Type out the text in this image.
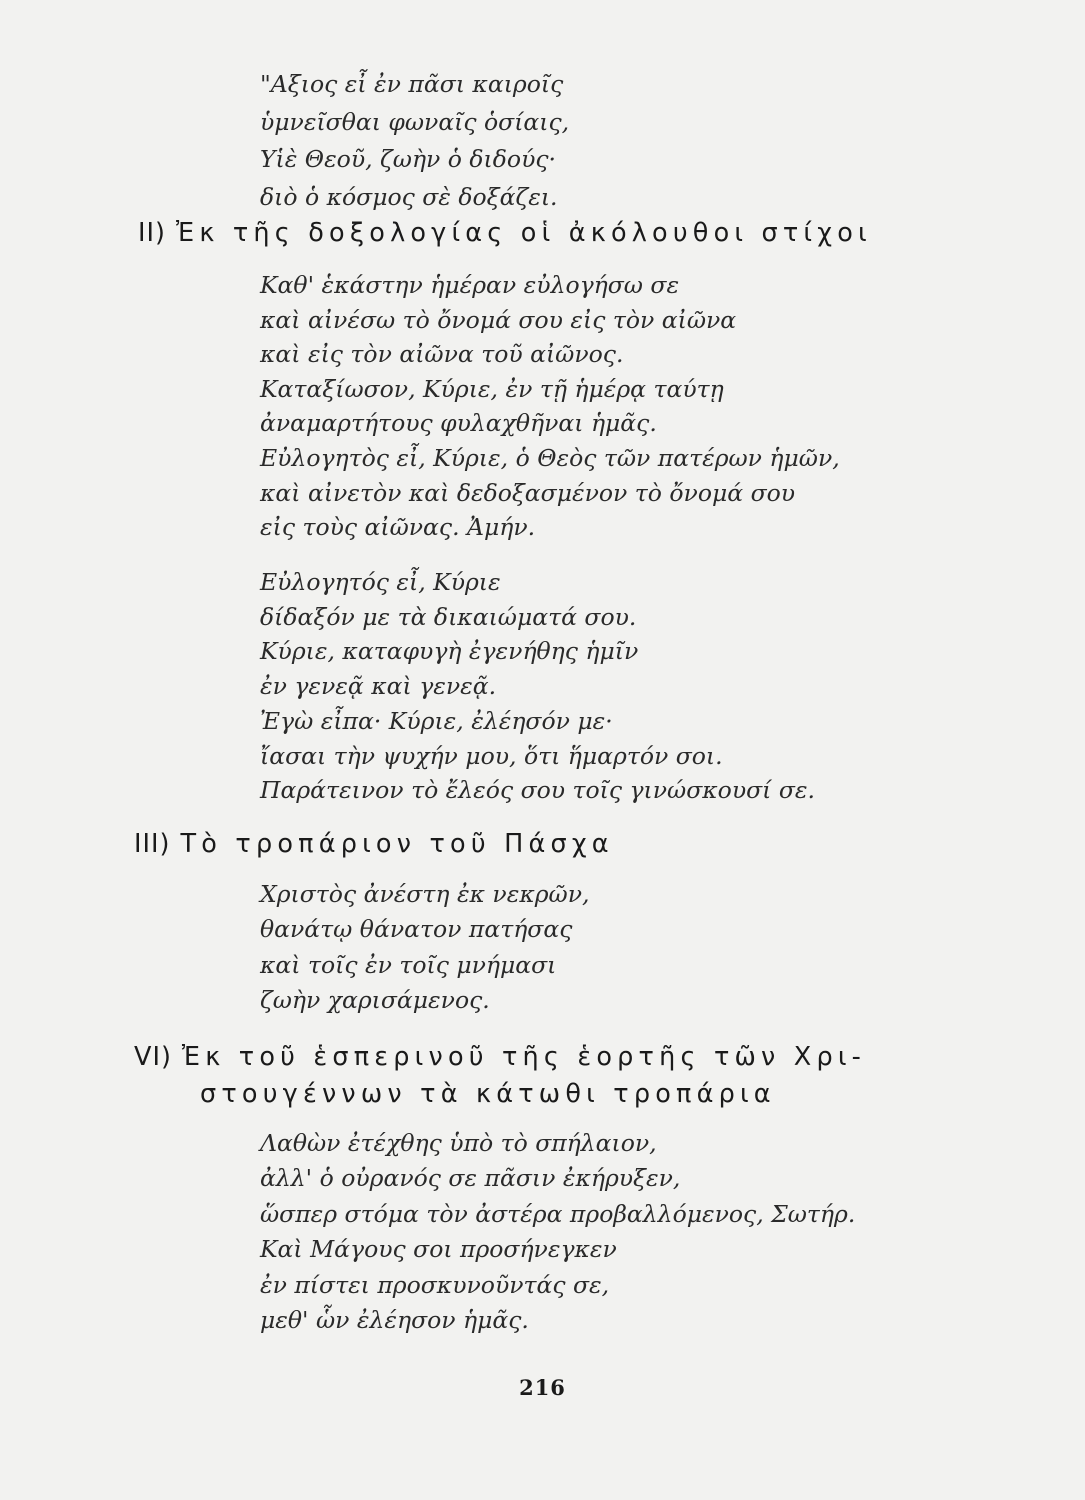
"Αξιος εἶ ἐν πᾶσι καιροῖς
ὑμνεῖσθαι φωναῖς ὁσίαις,
Υἱὲ Θεοῦ, ζωὴν ὁ διδούς·
διὸ ὁ κόσμος σὲ δοξάζει.
II) Ἐκ τῆς δοξολογίας οἱ ἀκόλουθοι στίχοι
Καθ' ἑκάστην ἡμέραν εὐλογήσω σε
καὶ αἰνέσω τὸ ὄνομά σου εἰς τὸν αἰῶνα
καὶ εἰς τὸν αἰῶνα τοῦ αἰῶνος.
Καταξίωσον, Κύριε, ἐν τῇ ἡμέρᾳ ταύτῃ
ἀναμαρτήτους φυλαχθῆναι ἡμᾶς.
Εὐλογητὸς εἶ, Κύριε, ὁ Θεὸς τῶν πατέρων ἡμῶν,
καὶ αἰνετὸν καὶ δεδοξασμένον τὸ ὄνομά σου
εἰς τοὺς αἰῶνας. Ἀμήν.
Εὐλογητός εἶ, Κύριε
δίδαξόν με τὰ δικαιώματά σου.
Κύριε, καταφυγὴ ἐγενήθης ἡμῖν
ἐν γενεᾷ καὶ γενεᾷ.
Ἐγὼ εἶπα· Κύριε, ἐλέησόν με·
ἴασαι τὴν ψυχήν μου, ὅτι ἥμαρτόν σοι.
Παράτεινον τὸ ἔλεός σου τοῖς γινώσκουσί σε.
III) Τὸ τροπάριον τοῦ Πάσχα
Χριστὸς ἀνέστη ἐκ νεκρῶν,
θανάτῳ θάνατον πατήσας
καὶ τοῖς ἐν τοῖς μνήμασι
ζωὴν χαρισάμενος.
VI) Ἐκ τοῦ ἑσπερινοῦ τῆς ἑορτῆς τῶν Χρι-
στουγέννων τὰ κάτωθι τροπάρια
Λαθὼν ἐτέχθης ὑπὸ τὸ σπήλαιον,
ἀλλ' ὁ οὐρανός σε πᾶσιν ἐκήρυξεν,
ὥσπερ στόμα τὸν ἀστέρα προβαλλόμενος, Σωτήρ.
Καὶ Μάγους σοι προσήνεγκεν
ἐν πίστει προσκυνοῦντάς σε,
μεθ' ὧν ἐλέησον ἡμᾶς.
216
